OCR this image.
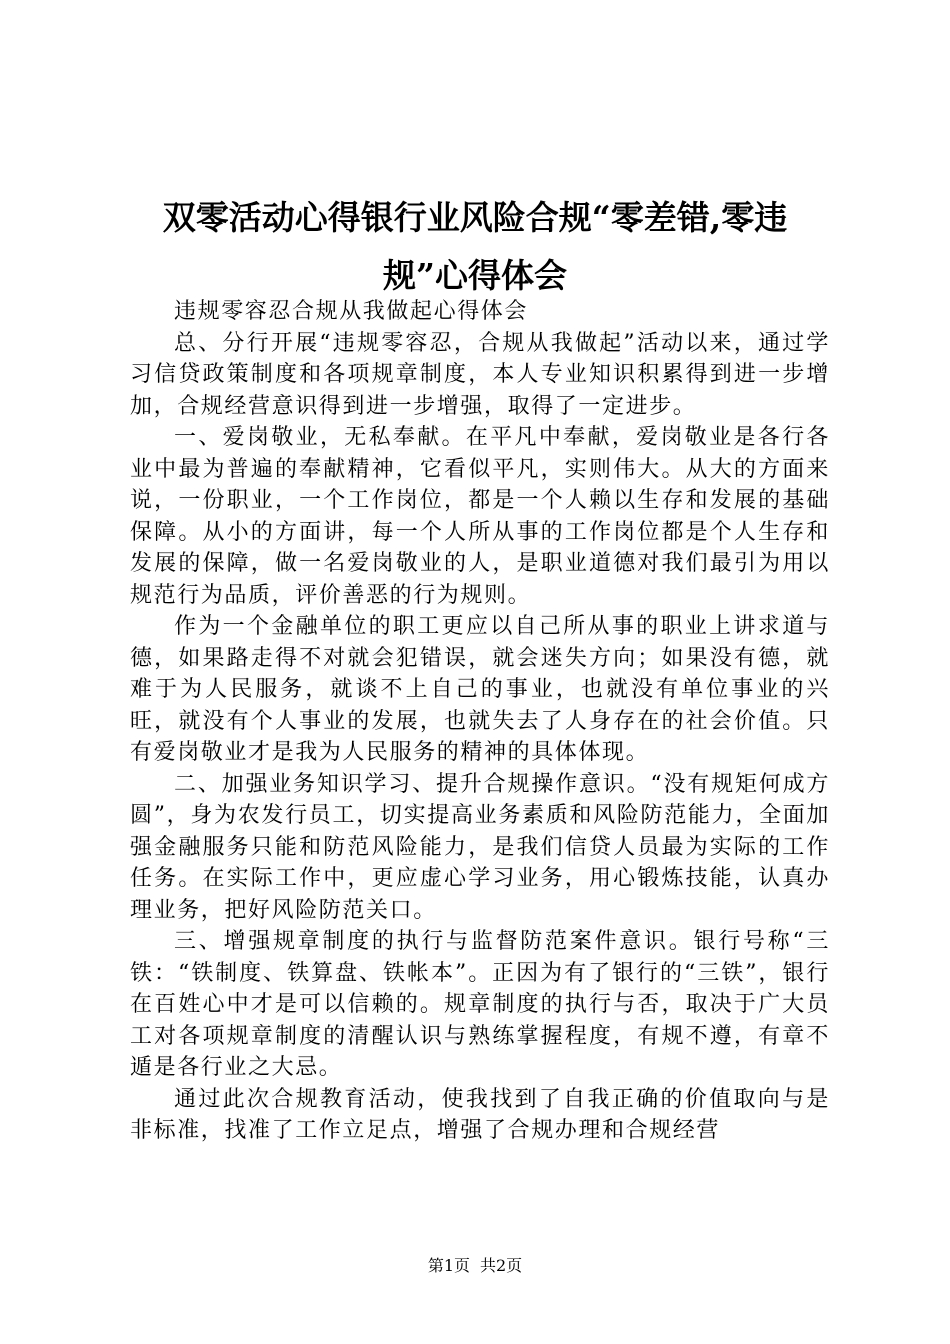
双零活动心得银行业风险合规“零差错,零违
规”心得体会

违规零容忍合规从我做起心得体会

总、分行开展“违规零容忍，合规从我做起”活动以来，通过学习信贷政策制度和各项规章制度，本人专业知识积累得到进一步增加，合规经营意识得到进一步增强，取得了一定进步。

一、爱岗敬业，无私奉献。在平凡中奉献，爱岗敬业是各行各业中最为普遍的奉献精神，它看似平凡，实则伟大。从大的方面来说，一份职业，一个工作岗位，都是一个人赖以生存和发展的基础保障。从小的方面讲，每一个人所从事的工作岗位都是个人生存和发展的保障，做一名爱岗敬业的人，是职业道德对我们最引为用以规范行为品质，评价善恶的行为规则。

作为一个金融单位的职工更应以自己所从事的职业上讲求道与德，如果路走得不对就会犯错误，就会迷失方向；如果没有德，就难于为人民服务，就谈不上自己的事业，也就没有单位事业的兴旺，就没有个人事业的发展，也就失去了人身存在的社会价值。只有爱岗敬业才是我为人民服务的精神的具体体现。

二、加强业务知识学习、提升合规操作意识。“没有规矩何成方圆”，身为农发行员工，切实提高业务素质和风险防范能力，全面加强金融服务只能和防范风险能力，是我们信贷人员最为实际的工作任务。在实际工作中，更应虚心学习业务，用心锻炼技能，认真办理业务，把好风险防范关口。

三、增强规章制度的执行与监督防范案件意识。银行号称“三铁：“铁制度、铁算盘、铁帐本”。正因为有了银行的“三铁”，银行在百姓心中才是可以信赖的。规章制度的执行与否，取决于广大员工对各项规章制度的清醒认识与熟练掌握程度，有规不遵，有章不遁是各行业之大忌。

通过此次合规教育活动，使我找到了自我正确的价值取向与是非标准，找准了工作立足点，增强了合规办理和合规经营

第1页 共2页
